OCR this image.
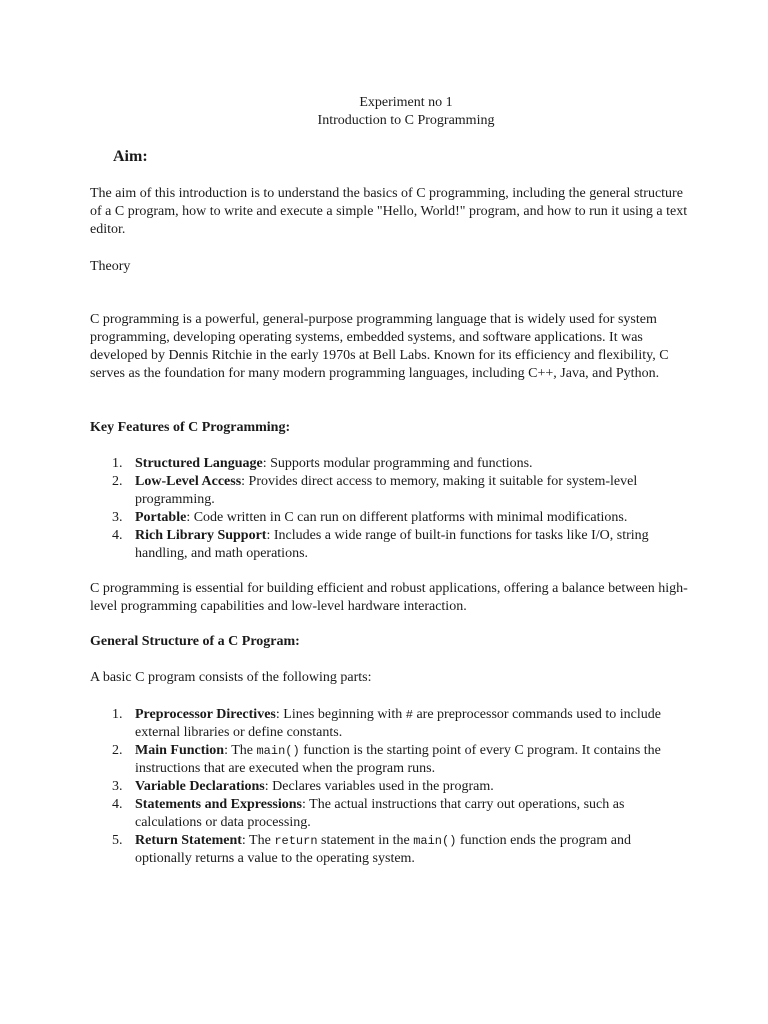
Experiment no 1
Introduction to C Programming
Aim:

The aim of this introduction is to understand the basics of C programming, including the general structure of a C program, how to write and execute a simple "Hello, World!" program, and how to run it using a text editor.

Theory

C programming is a powerful, general-purpose programming language that is widely used for system programming, developing operating systems, embedded systems, and software applications. It was developed by Dennis Ritchie in the early 1970s at Bell Labs. Known for its efficiency and flexibility, C serves as the foundation for many modern programming languages, including C++, Java, and Python.

Key Features of C Programming:

1. Structured Language: Supports modular programming and functions.
2. Low-Level Access: Provides direct access to memory, making it suitable for system-level programming.
3. Portable: Code written in C can run on different platforms with minimal modifications.
4. Rich Library Support: Includes a wide range of built-in functions for tasks like I/O, string handling, and math operations.

C programming is essential for building efficient and robust applications, offering a balance between high-level programming capabilities and low-level hardware interaction.

General Structure of a C Program:

A basic C program consists of the following parts:

1. Preprocessor Directives: Lines beginning with # are preprocessor commands used to include external libraries or define constants.
2. Main Function: The main() function is the starting point of every C program. It contains the instructions that are executed when the program runs.
3. Variable Declarations: Declares variables used in the program.
4. Statements and Expressions: The actual instructions that carry out operations, such as calculations or data processing.
5. Return Statement: The return statement in the main() function ends the program and optionally returns a value to the operating system.
